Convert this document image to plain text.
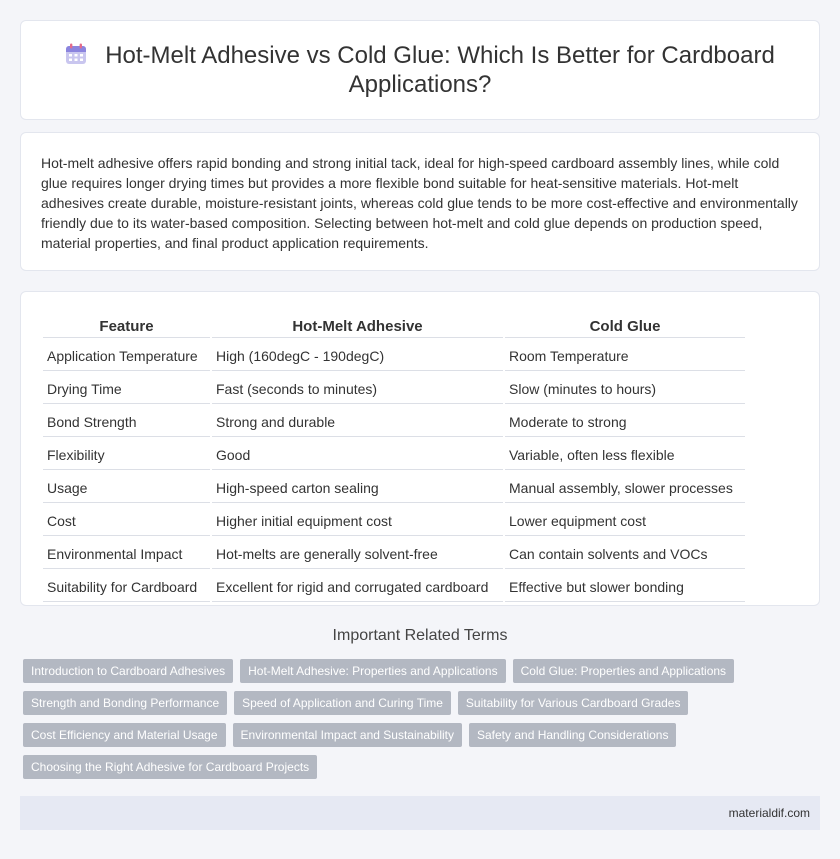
Hot-Melt Adhesive vs Cold Glue: Which Is Better for Cardboard Applications?

Hot-melt adhesive offers rapid bonding and strong initial tack, ideal for high-speed cardboard assembly lines, while cold glue requires longer drying times but provides a more flexible bond suitable for heat-sensitive materials. Hot-melt adhesives create durable, moisture-resistant joints, whereas cold glue tends to be more cost-effective and environmentally friendly due to its water-based composition. Selecting between hot-melt and cold glue depends on production speed, material properties, and final product application requirements.

Feature	Hot-Melt Adhesive	Cold Glue
Application Temperature	High (160degC - 190degC)	Room Temperature
Drying Time	Fast (seconds to minutes)	Slow (minutes to hours)
Bond Strength	Strong and durable	Moderate to strong
Flexibility	Good	Variable, often less flexible
Usage	High-speed carton sealing	Manual assembly, slower processes
Cost	Higher initial equipment cost	Lower equipment cost
Environmental Impact	Hot-melts are generally solvent-free	Can contain solvents and VOCs
Suitability for Cardboard	Excellent for rigid and corrugated cardboard	Effective but slower bonding
Important Related Terms
Introduction to Cardboard Adhesives	Hot-Melt Adhesive: Properties and Applications	Cold Glue: Properties and Applications
Strength and Bonding Performance	Speed of Application and Curing Time	Suitability for Various Cardboard Grades
Cost Efficiency and Material Usage	Environmental Impact and Sustainability	Safety and Handling Considerations
Choosing the Right Adhesive for Cardboard Projects
materialdif.com
